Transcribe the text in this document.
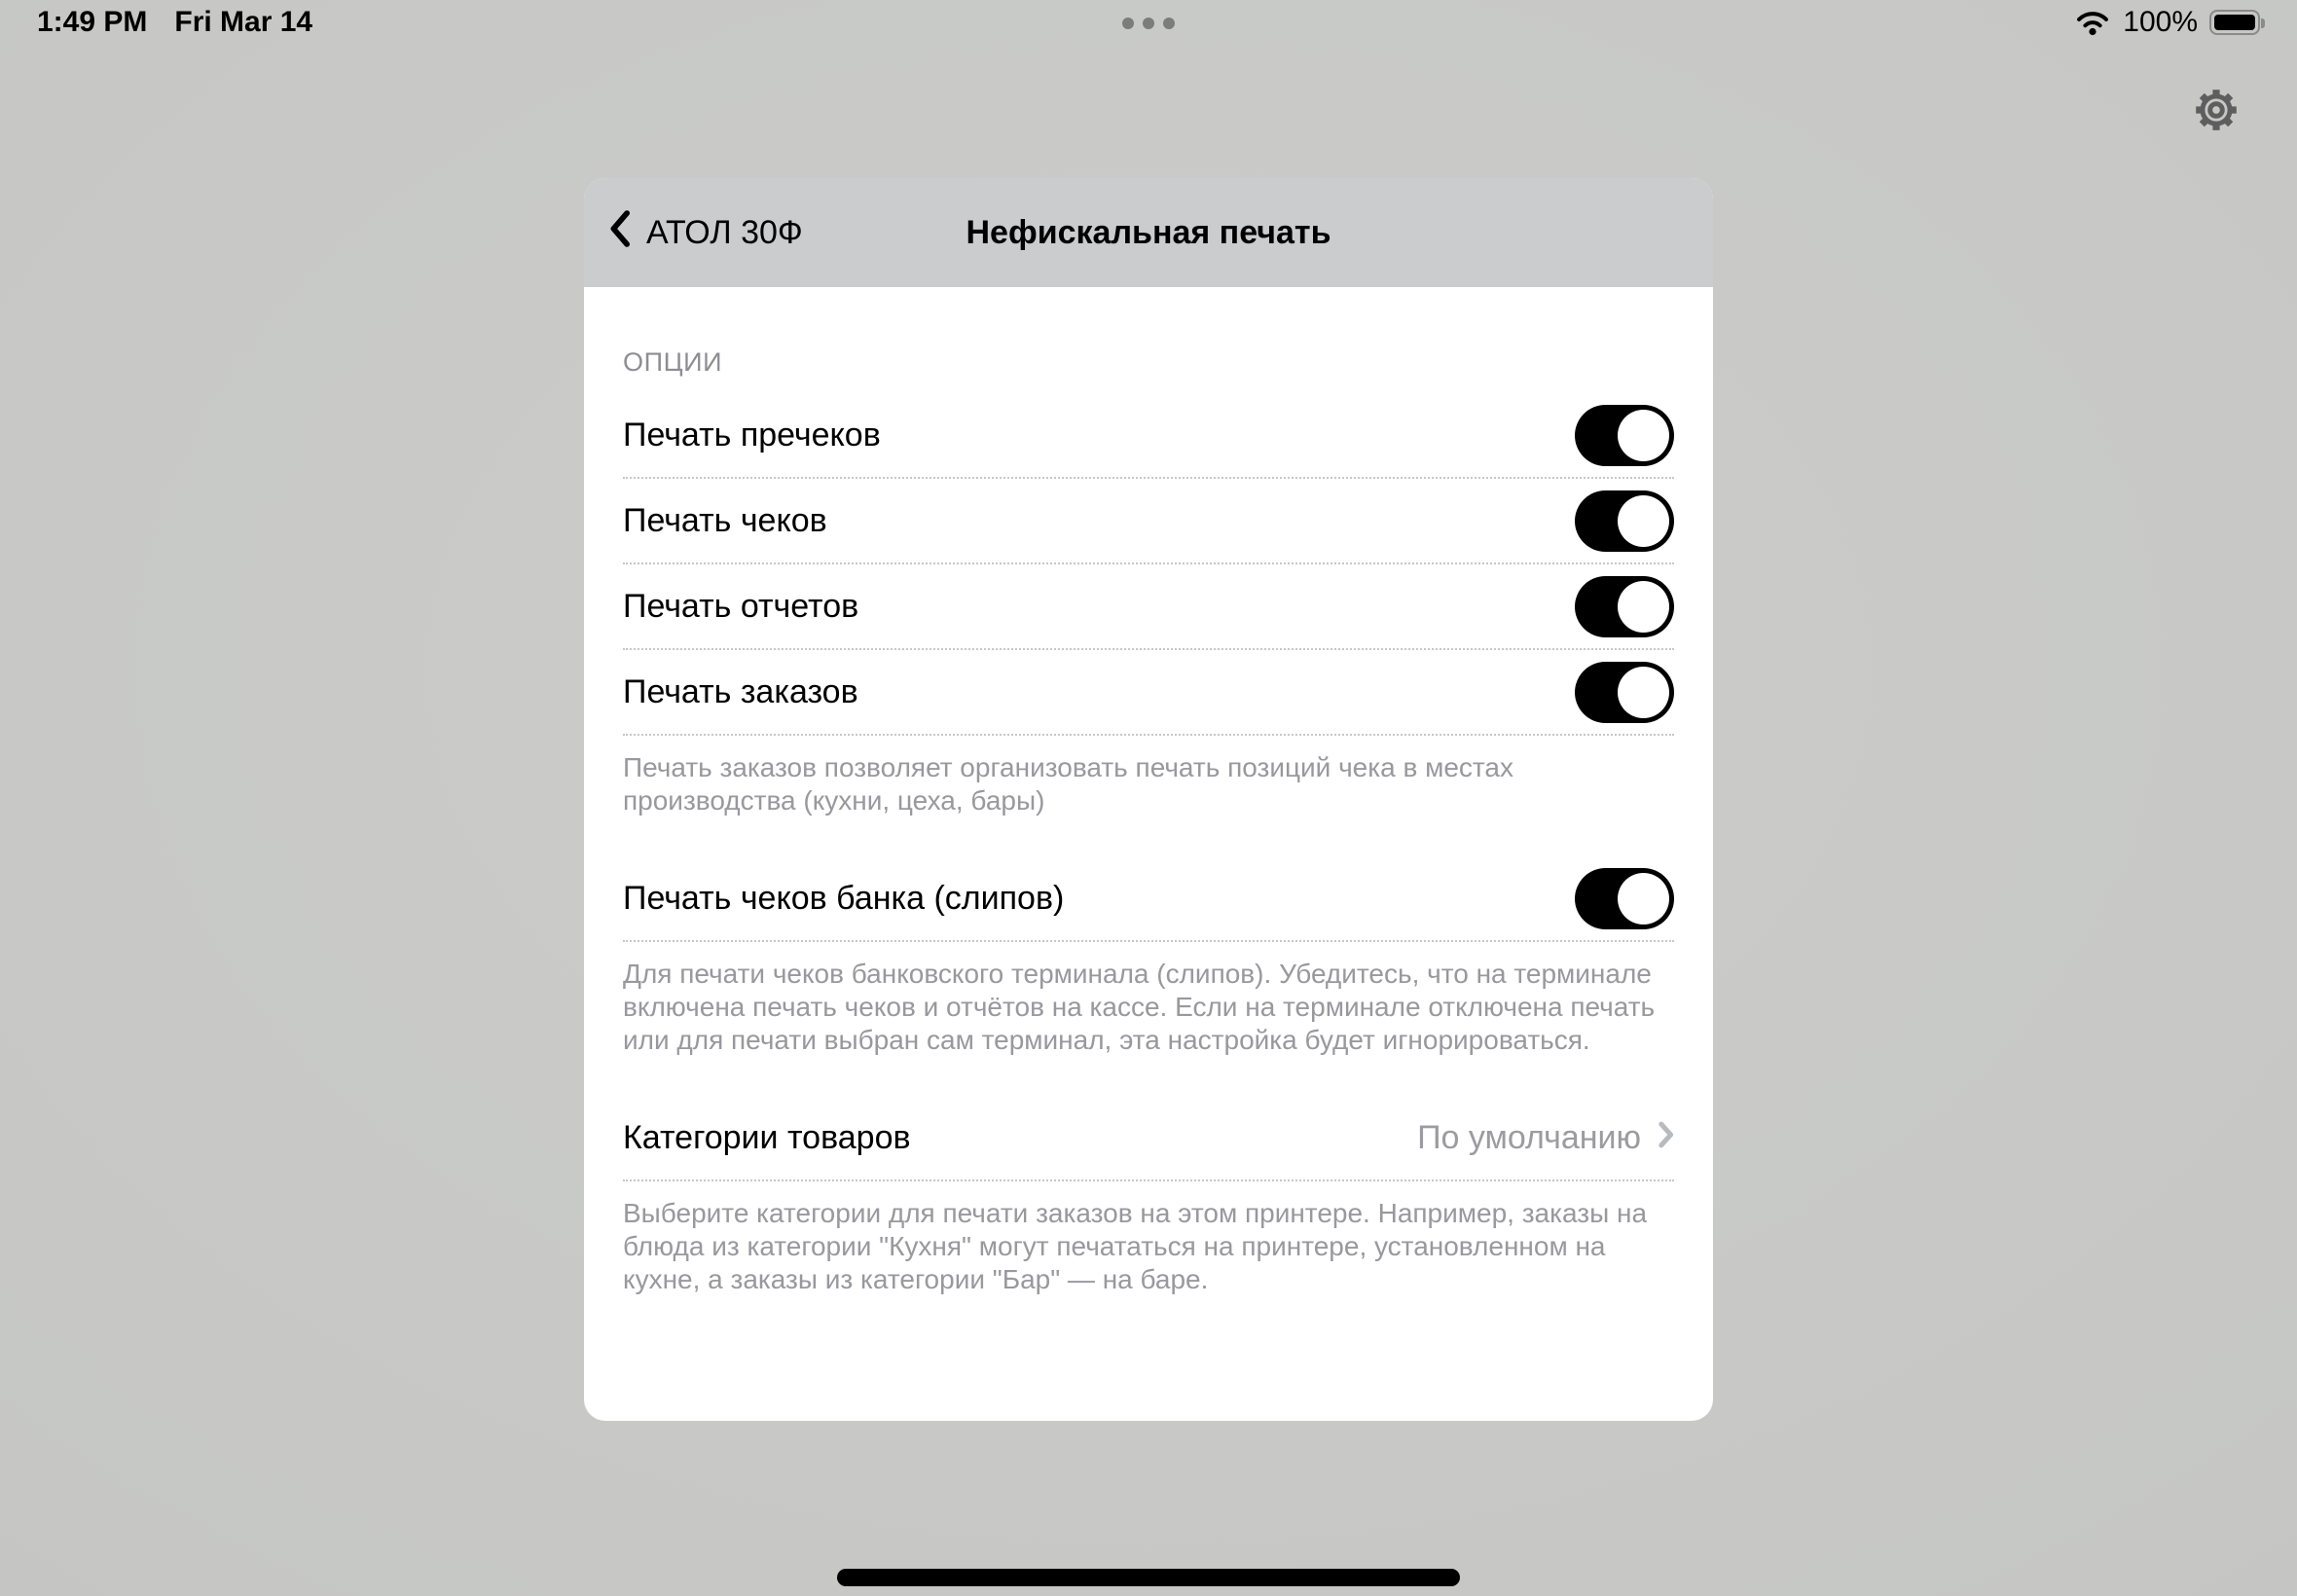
1:49 PM Fri Mar 14	100%
АТОЛ 30Ф	Нефискальная печать
ОПЦИИ
Печать пречеков
Печать чеков
Печать отчетов
Печать заказов
Печать заказов позволяет организовать печать позиций чека в местах производства (кухни, цеха, бары)
Печать чеков банка (слипов)
Для печати чеков банковского терминала (слипов). Убедитесь, что на терминале включена печать чеков и отчётов на кассе. Если на терминале отключена печать или для печати выбран сам терминал, эта настройка будет игнорироваться.
Категории товаров	По умолчанию
Выберите категории для печати заказов на этом принтере. Например, заказы на блюда из категории "Кухня" могут печататься на принтере, установленном на кухне, а заказы из категории "Бар" — на баре.
